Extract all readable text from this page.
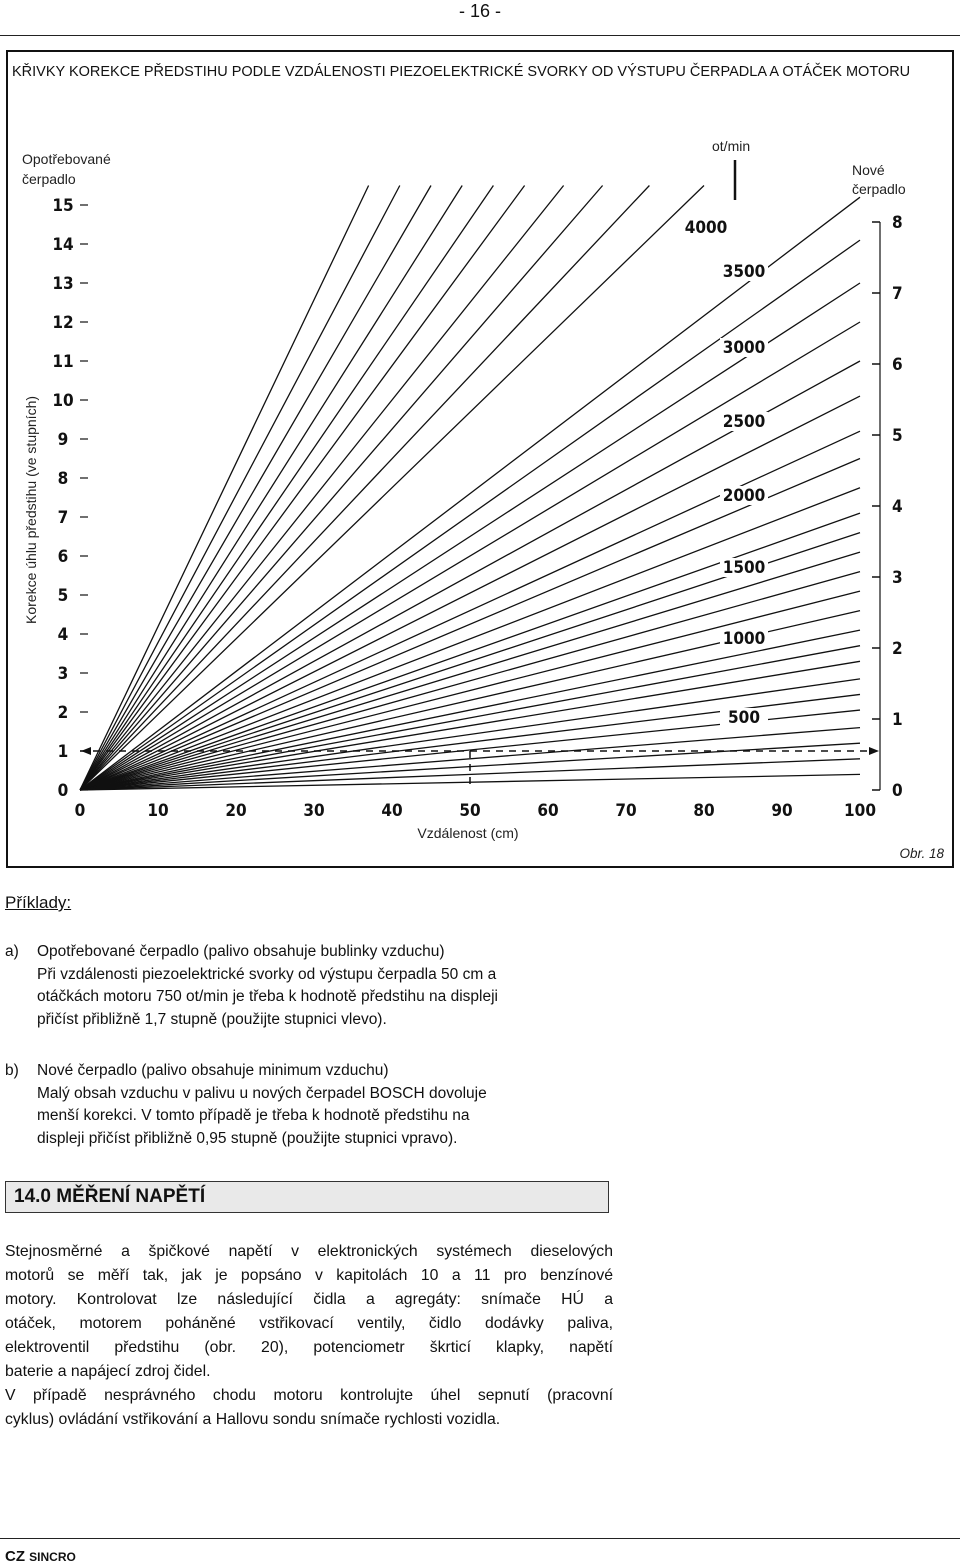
- 16 -
KŘIVKY KOREKCE PŘEDSTIHU PODLE VZDÁLENOSTI PIEZOELEKTRICKÉ SVORKY OD VÝSTUPU ČERPADLA A OTÁČEK MOTORU
Opotřebované
čerpadlo
Nové
čerpadlo
ot/min
Korekce úhlu předstihu (ve stupních)
Vzdálenost (cm)
Obr. 18
0
1
2
3
4
5
6
7
8
9
10
11
12
13
14
15
0	10	20	30	40	50	60	70	80	90	100
0
1
2
3
4
5
6
7
8
500
1000
1500
2000
2500
3000
3500
4000
Příklady:
a) Opotřebované čerpadlo (palivo obsahuje bublinky vzduchu)
Při vzdálenosti piezoelektrické svorky od výstupu čerpadla 50 cm a
otáčkách motoru 750 ot/min je třeba k hodnotě předstihu na displeji
přičíst přibližně 1,7 stupně (použijte stupnici vlevo).
b) Nové čerpadlo (palivo obsahuje minimum vzduchu)
Malý obsah vzduchu v palivu u nových čerpadel BOSCH dovoluje
menší korekci. V tomto případě je třeba k hodnotě předstihu na
displeji přičíst přibližně 0,95 stupně (použijte stupnici vpravo).
14.0 MĚŘENÍ NAPĚTÍ
Stejnosměrné a špičkové napětí v elektronických systémech dieselových
motorů se měří tak, jak je popsáno v kapitolách 10 a 11 pro benzínové
motory. Kontrolovat lze následující čidla a agregáty: snímače HÚ a
otáček, motorem poháněné vstřikovací ventily, čidlo dodávky paliva,
elektroventil předstihu (obr. 20), potenciometr škrticí klapky, napětí
baterie a napájecí zdroj čidel.
V případě nesprávného chodu motoru kontrolujte úhel sepnutí (pracovní
cyklus) ovládání vstřikování a Hallovu sondu snímače rychlosti vozidla.
CZ SINCRO
